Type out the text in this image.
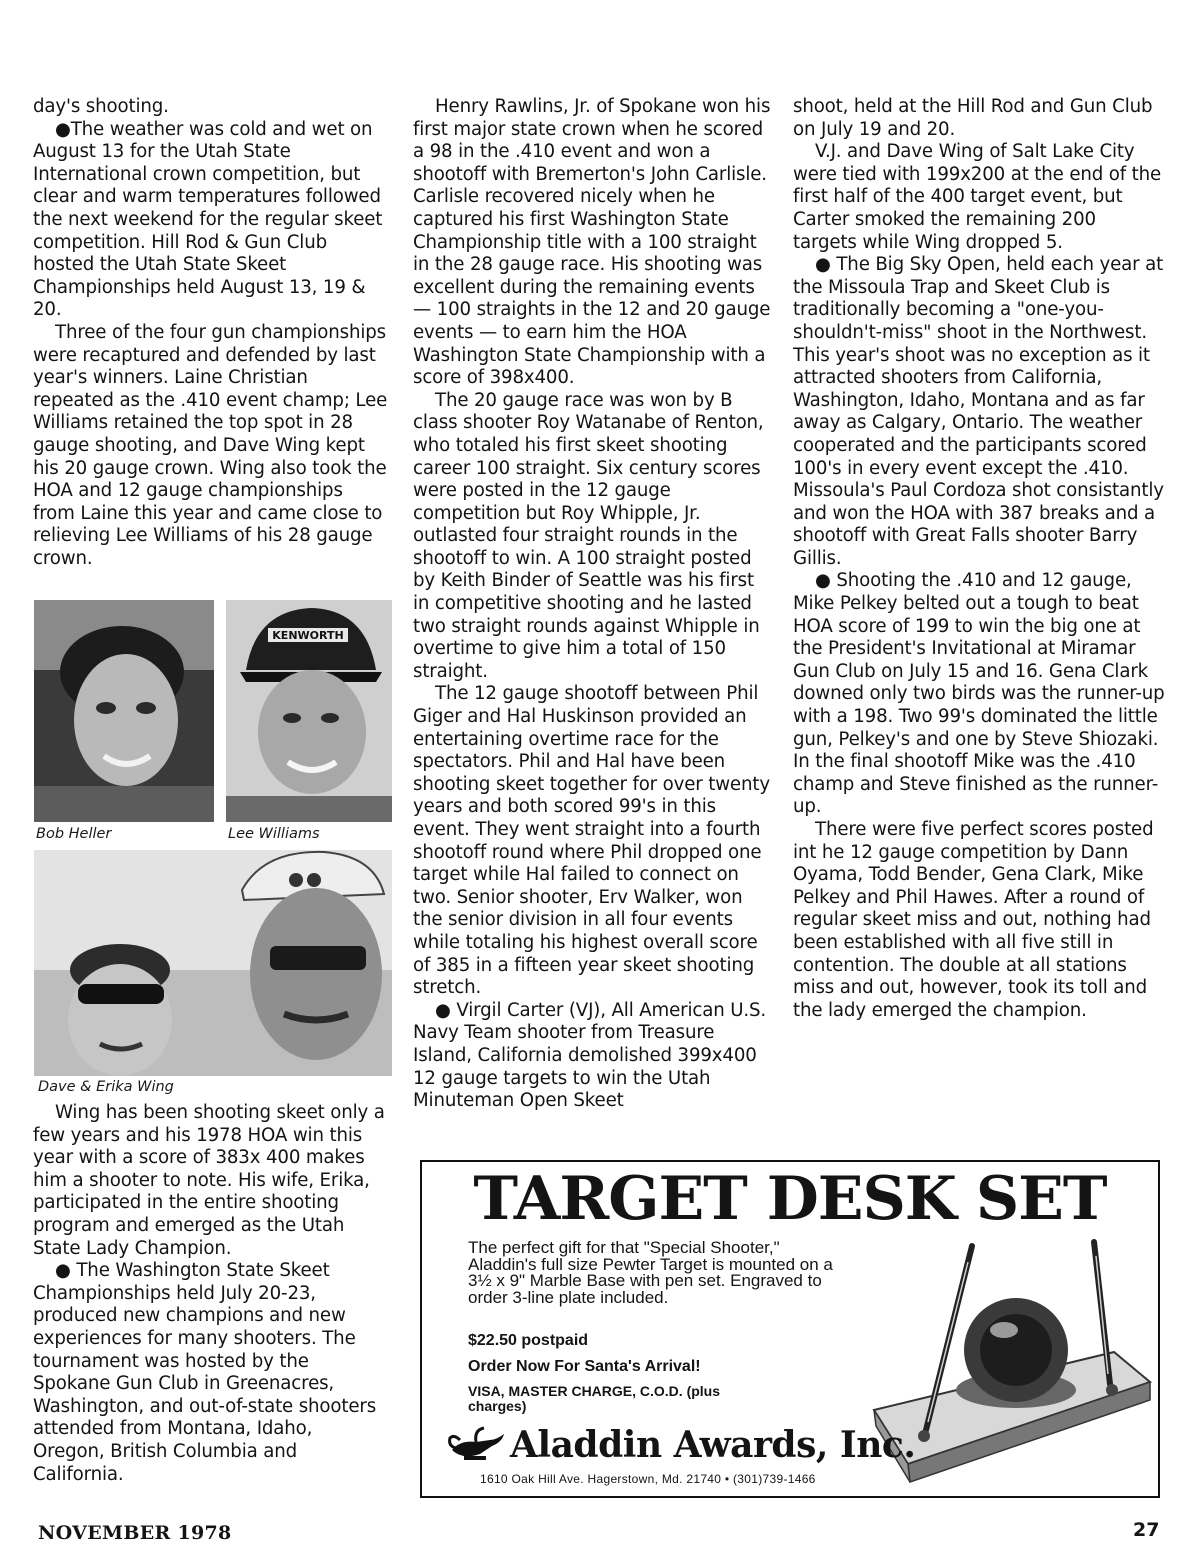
day's shooting.

●The weather was cold and wet on August 13 for the Utah State International crown competition, but clear and warm temperatures followed the next weekend for the regular skeet competition. Hill Rod & Gun Club hosted the Utah State Skeet Championships held August 13, 19 & 20.

Three of the four gun championships were recaptured and defended by last year's winners. Laine Christian repeated as the .410 event champ; Lee Williams retained the top spot in 28 gauge shooting, and Dave Wing kept his 20 gauge crown. Wing also took the HOA and 12 gauge championships from Laine this year and came close to relieving Lee Williams of his 28 gauge crown.

Bob Heller
KENWORTH
Lee Williams
Dave & Erika Wing

Wing has been shooting skeet only a few years and his 1978 HOA win this year with a score of 383x 400 makes him a shooter to note. His wife, Erika, participated in the entire shooting program and emerged as the Utah State Lady Champion.

● The Washington State Skeet Championships held July 20-23, produced new champions and new experiences for many shooters. The tournament was hosted by the Spokane Gun Club in Greenacres, Washington, and out-of-state shooters attended from Montana, Idaho, Oregon, British Columbia and California.

Henry Rawlins, Jr. of Spokane won his first major state crown when he scored a 98 in the .410 event and won a shootoff with Bremerton's John Carlisle. Carlisle recovered nicely when he captured his first Washington State Championship title with a 100 straight in the 28 gauge race. His shooting was excellent during the remaining events — 100 straights in the 12 and 20 gauge events — to earn him the HOA Washington State Championship with a score of 398x400.

The 20 gauge race was won by B class shooter Roy Watanabe of Renton, who totaled his first skeet shooting career 100 straight. Six century scores were posted in the 12 gauge competition but Roy Whipple, Jr. outlasted four straight rounds in the shootoff to win. A 100 straight posted by Keith Binder of Seattle was his first in competitive shooting and he lasted two straight rounds against Whipple in overtime to give him a total of 150 straight.

The 12 gauge shootoff between Phil Giger and Hal Huskinson provided an entertaining overtime race for the spectators. Phil and Hal have been shooting skeet together for over twenty years and both scored 99's in this event. They went straight into a fourth shootoff round where Phil dropped one target while Hal failed to connect on two. Senior shooter, Erv Walker, won the senior division in all four events while totaling his highest overall score of 385 in a fifteen year skeet shooting stretch.

● Virgil Carter (VJ), All American U.S. Navy Team shooter from Treasure Island, California demolished 399x400 12 gauge targets to win the Utah Minuteman Open Skeet

shoot, held at the Hill Rod and Gun Club on July 19 and 20.

V.J. and Dave Wing of Salt Lake City were tied with 199x200 at the end of the first half of the 400 target event, but Carter smoked the remaining 200 targets while Wing dropped 5.

● The Big Sky Open, held each year at the Missoula Trap and Skeet Club is traditionally becoming a "one-you-shouldn't-miss" shoot in the Northwest. This year's shoot was no exception as it attracted shooters from California, Washington, Idaho, Montana and as far away as Calgary, Ontario. The weather cooperated and the participants scored 100's in every event except the .410. Missoula's Paul Cordoza shot consistantly and won the HOA with 387 breaks and a shootoff with Great Falls shooter Barry Gillis.

● Shooting the .410 and 12 gauge, Mike Pelkey belted out a tough to beat HOA score of 199 to win the big one at the President's Invitational at Miramar Gun Club on July 15 and 16. Gena Clark downed only two birds was the runner-up with a 198. Two 99's dominated the little gun, Pelkey's and one by Steve Shiozaki. In the final shootoff Mike was the .410 champ and Steve finished as the runner-up.

There were five perfect scores posted int he 12 gauge competition by Dann Oyama, Todd Bender, Gena Clark, Mike Pelkey and Phil Hawes. After a round of regular skeet miss and out, nothing had been established with all five still in contention. The double at all stations miss and out, however, took its toll and the lady emerged the champion.

TARGET DESK SET
The perfect gift for that "Special Shooter," Aladdin's full size Pewter Target is mounted on a 3½ x 9" Marble Base with pen set. Engraved to order 3-line plate included.
$22.50 postpaid
Order Now For Santa's Arrival!
VISA, MASTER CHARGE, C.O.D. (plus charges)
Aladdin Awards, Inc.
1610 Oak Hill Ave. Hagerstown, Md. 21740 • (301)739-1466
NOVEMBER 1978	27
